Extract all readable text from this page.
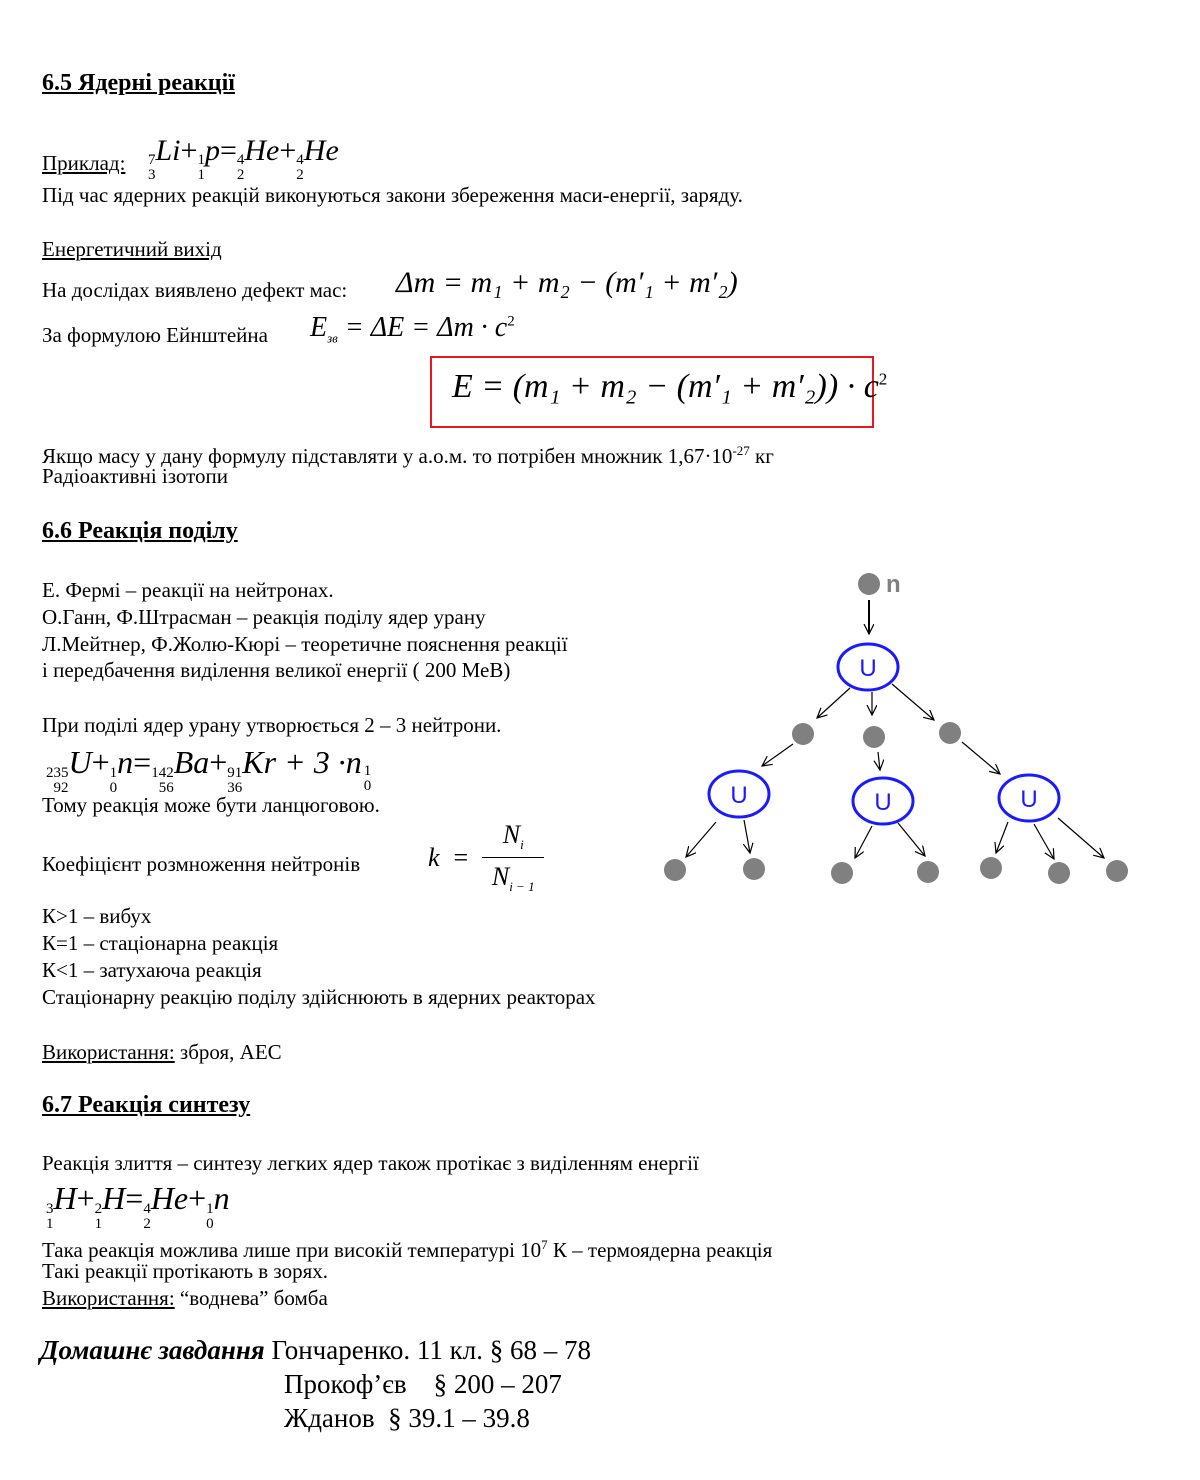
6.5 Ядерні реакції
Приклад: 7
3
Li+ 1
1
p= 4
2
He+ 4
2
He
Під час ядерних реакцій виконуються закони збереження маси-енергії, заряду.
Енергетичний вихід
На дослідах виявлено дефект мас: Δm = m₁ + m₂ − (m′₁ + m′₂)
За формулою Ейнштейна $E_{зв} = \Delta E = \Delta m \cdot c^2$
$E = (m_1 + m_2 - (m'_1 + m'_2)) \cdot c^2$
Якщо масу у дану формулу підставляти у а.о.м. то потрібен множник $1,67\cdot 10^{-27}$ кг
Радіоактивні ізотопи
6.6 Реакція поділу
Е. Фермі – реакції на нейтронах.
О.Ганн, Ф.Штрасман – реакція поділу ядер урану
Л.Мейтнер, Ф.Жолю-Кюрі – теоретичне пояснення реакції
і передбачення виділення великої енергії ( 200 МеВ)
При поділі ядер урану утворюється 2 – 3 нейтрони.
235
92
U+ 1
0
n= 142
56
Ba+ 91
36
Kr + 3 ·n 1
0
Тому реакція може бути ланцюговою.
Коефіцієнт розмноження нейтронів	$k = \frac{N_i}{N_{i - 1}}$
К>1 – вибух
К=1 – стаціонарна реакція
К<1 – затухаюча реакція
Стаціонарну реакцію поділу здійснюють в ядерних реакторах
Використання: зброя, АЕС
n
U
U	U	U
6.7 Реакція синтезу
Реакція злиття – синтезу легких ядер також протікає з виділенням енергії
3
1
H+ 2
1
H= 4
2
He+ 1
0
n
Така реакція можлива лише при високій температурі $10^7$ К – термоядерна реакція
Такі реакції протікають в зорях.
Використання: “воднева” бомба
Домашнє завдання Гончаренко. 11 кл. § 68 – 78
Прокоф’єв    § 200 – 207
Жданов  § 39.1 – 39.8
